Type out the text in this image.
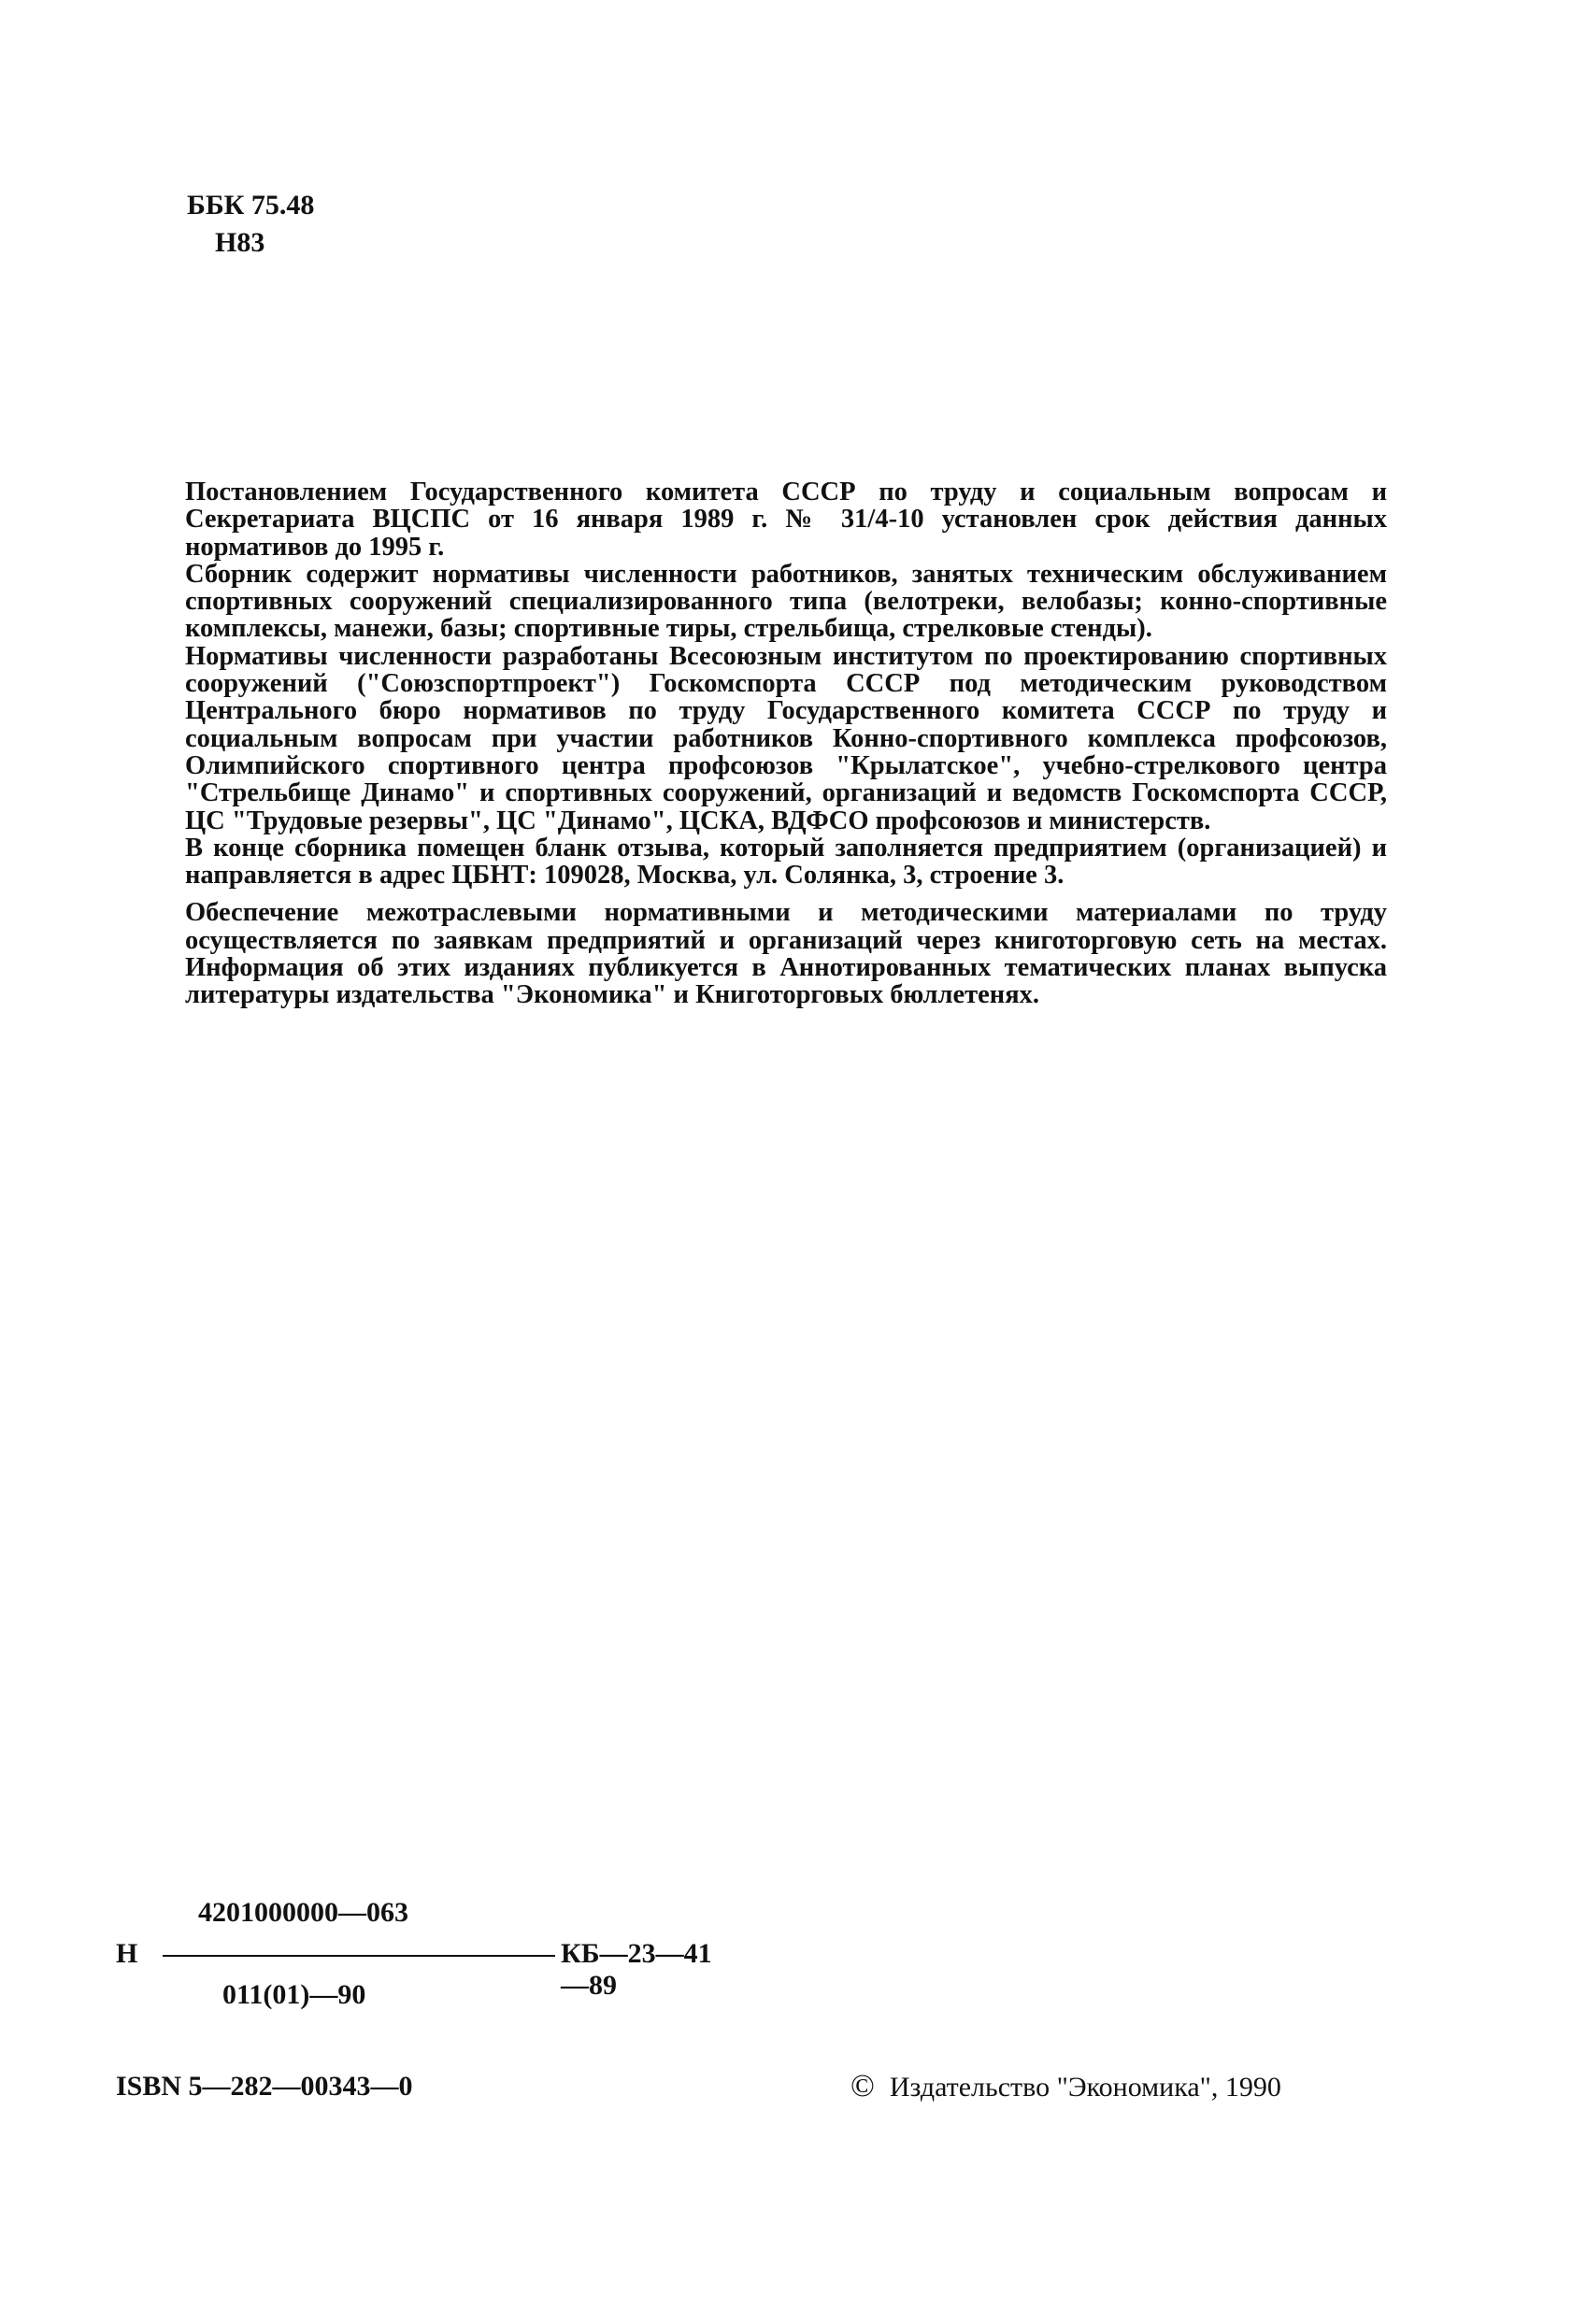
ББК 75.48
Н83

Постановлением Государственного комитета СССР по труду и социальным вопросам и Секретариата ВЦСПС от 16 января 1989 г. № 31/4-10 установлен срок действия данных нормативов до 1995 г.

Сборник содержит нормативы численности работников, занятых техническим обслуживанием спортивных сооружений специализированного типа (велотреки, велобазы; конно-спортивные комплексы, манежи, базы; спортивные тиры, стрельбища, стрелковые стенды).

Нормативы численности разработаны Всесоюзным институтом по проектированию спортивных сооружений ("Союзспортпроект") Госкомспорта СССР под методическим руководством Центрального бюро нормативов по труду Государственного комитета СССР по труду и социальным вопросам при участии работников Конно-спортивного комплекса профсоюзов, Олимпийского спортивного центра профсоюзов "Крылатское", учебно-стрелкового центра "Стрельбище Динамо" и спортивных сооружений, организаций и ведомств Госкомспорта СССР, ЦС "Трудовые резервы", ЦС "Динамо", ЦСКА, ВДФСО профсоюзов и министерств.

В конце сборника помещен бланк отзыва, который заполняется предприятием (организацией) и направляется в адрес ЦБНТ: 109028, Москва, ул. Солянка, 3, строение 3.

Обеспечение межотраслевыми нормативными и методическими материалами по труду осуществляется по заявкам предприятий и организаций через книготорговую сеть на местах. Информация об этих изданиях публикуется в Аннотированных тематических планах выпуска литературы издательства "Экономика" и Книготорговых бюллетенях.

4201000000—063
Н	КБ—23—41—89
011(01)—90
ISBN 5—282—00343—0	© Издательство "Экономика", 1990
